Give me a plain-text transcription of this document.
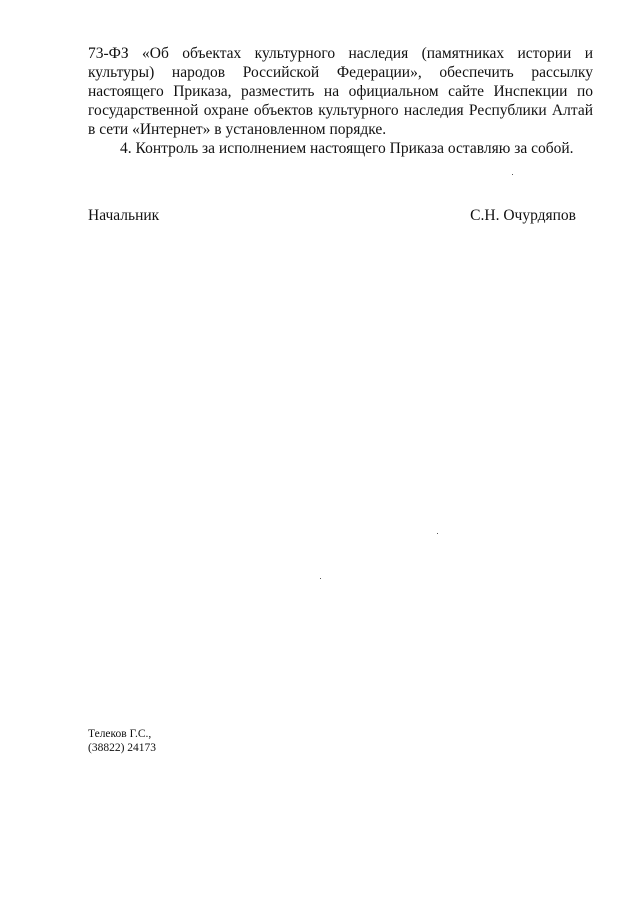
73-ФЗ «Об объектах культурного наследия (памятниках истории и культуры) народов Российской Федерации», обеспечить рассылку настоящего Приказа, разместить на официальном сайте Инспекции по государственной охране объектов культурного наследия Республики Алтай в сети «Интернет» в установленном порядке.

4. Контроль за исполнением настоящего Приказа оставляю за собой.

Начальник	С.Н. Очурдяпов
Телеков Г.С.,
(38822) 24173
